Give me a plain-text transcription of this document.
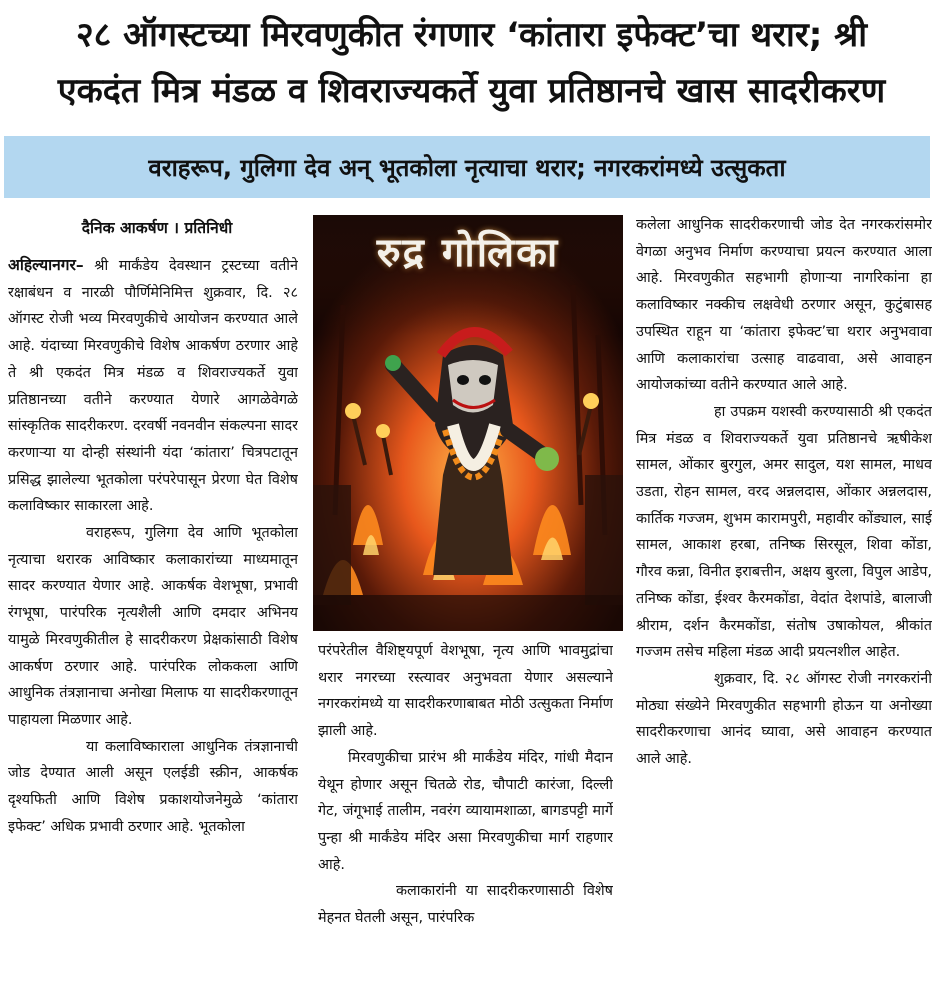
२८ ऑगस्टच्या मिरवणुकीत रंगणार ‘कांतारा इफेक्ट’चा थरार; श्री
एकदंत मित्र मंडळ व शिवराज्यकर्ते युवा प्रतिष्ठानचे खास सादरीकरण
वराहरूप, गुलिगा देव अन् भूतकोला नृत्याचा थरार; नगरकरांमध्ये उत्सुकता
दैनिक आकर्षण । प्रतिनिधी

अहिल्यानगर– श्री मार्कंडेय देवस्थान ट्रस्टच्या वतीने रक्षाबंधन व नारळी पौर्णिमेनिमित्त शुक्रवार, दि. २८ ऑगस्ट रोजी भव्य मिरवणुकीचे आयोजन करण्यात आले आहे. यंदाच्या मिरवणुकीचे विशेष आकर्षण ठरणार आहे ते श्री एकदंत मित्र मंडळ व शिवराज्यकर्ते युवा प्रतिष्ठानच्या वतीने करण्यात येणारे आगळेवेगळे सांस्कृतिक सादरीकरण. दरवर्षी नवनवीन संकल्पना सादर करणाऱ्या या दोन्ही संस्थांनी यंदा ‘कांतारा’ चित्रपटातून प्रसिद्ध झालेल्या भूतकोला परंपरेपासून प्रेरणा घेत विशेष कलाविष्कार साकारला आहे.

वराहरूप, गुलिगा देव आणि भूतकोला नृत्याचा थरारक आविष्कार कलाकारांच्या माध्यमातून सादर करण्यात येणार आहे. आकर्षक वेशभूषा, प्रभावी रंगभूषा, पारंपरिक नृत्यशैली आणि दमदार अभिनय यामुळे मिरवणुकीतील हे सादरीकरण प्रेक्षकांसाठी विशेष आकर्षण ठरणार आहे. पारंपरिक लोककला आणि आधुनिक तंत्रज्ञानाचा अनोखा मिलाफ या सादरीकरणातून पाहायला मिळणार आहे.

या कलाविष्काराला आधुनिक तंत्रज्ञानाची जोड देण्यात आली असून एलईडी स्क्रीन, आकर्षक दृश्यफिती आणि विशेष प्रकाशयोजनेमुळे ‘कांतारा इफेक्ट’ अधिक प्रभावी ठरणार आहे. भूतकोला

रुद्र गोलिका

परंपरेतील वैशिष्ट्यपूर्ण वेशभूषा, नृत्य आणि भावमुद्रांचा थरार नगरच्या रस्त्यावर अनुभवता येणार असल्याने नगरकरांमध्ये या सादरीकरणाबाबत मोठी उत्सुकता निर्माण झाली आहे.

मिरवणुकीचा प्रारंभ श्री मार्कंडेय मंदिर, गांधी मैदान येथून होणार असून चितळे रोड, चौपाटी कारंजा, दिल्ली गेट, जंगूभाई तालीम, नवरंग व्यायामशाळा, बागडपट्टी मार्गे पुन्हा श्री मार्कंडेय मंदिर असा मिरवणुकीचा मार्ग राहणार आहे.

कलाकारांनी या सादरीकरणासाठी विशेष मेहनत घेतली असून, पारंपरिक

कलेला आधुनिक सादरीकरणाची जोड देत नगरकरांसमोर वेगळा अनुभव निर्माण करण्याचा प्रयत्न करण्यात आला आहे. मिरवणुकीत सहभागी होणाऱ्या नागरिकांना हा कलाविष्कार नक्कीच लक्षवेधी ठरणार असून, कुटुंबासह उपस्थित राहून या ‘कांतारा इफेक्ट’चा थरार अनुभवावा आणि कलाकारांचा उत्साह वाढवावा, असे आवाहन आयोजकांच्या वतीने करण्यात आले आहे.

हा उपक्रम यशस्वी करण्यासाठी श्री एकदंत मित्र मंडळ व शिवराज्यकर्ते युवा प्रतिष्ठानचे ऋषीकेश सामल, ओंकार बुरगुल, अमर सादुल, यश सामल, माधव उडता, रोहन सामल, वरद अन्नलदास, ओंकार अन्नलदास, कार्तिक गज्जम, शुभम कारामपुरी, महावीर कोंड्याल, साई सामल, आकाश हरबा, तनिष्क सिरसूल, शिवा कोंडा, गौरव कन्ना, विनीत इराबत्तीन, अक्षय बुरला, विपुल आडेप, तनिष्क कोंडा, ईश्वर कैरमकोंडा, वेदांत देशपांडे, बालाजी श्रीराम, दर्शन कैरमकोंडा, संतोष उषाकोयल, श्रीकांत गज्जम तसेच महिला मंडळ आदी प्रयत्नशील आहेत.

शुक्रवार, दि. २८ ऑगस्ट रोजी नगरकरांनी मोठ्या संख्येने मिरवणुकीत सहभागी होऊन या अनोख्या सादरीकरणाचा आनंद घ्यावा, असे आवाहन करण्यात आले आहे.
